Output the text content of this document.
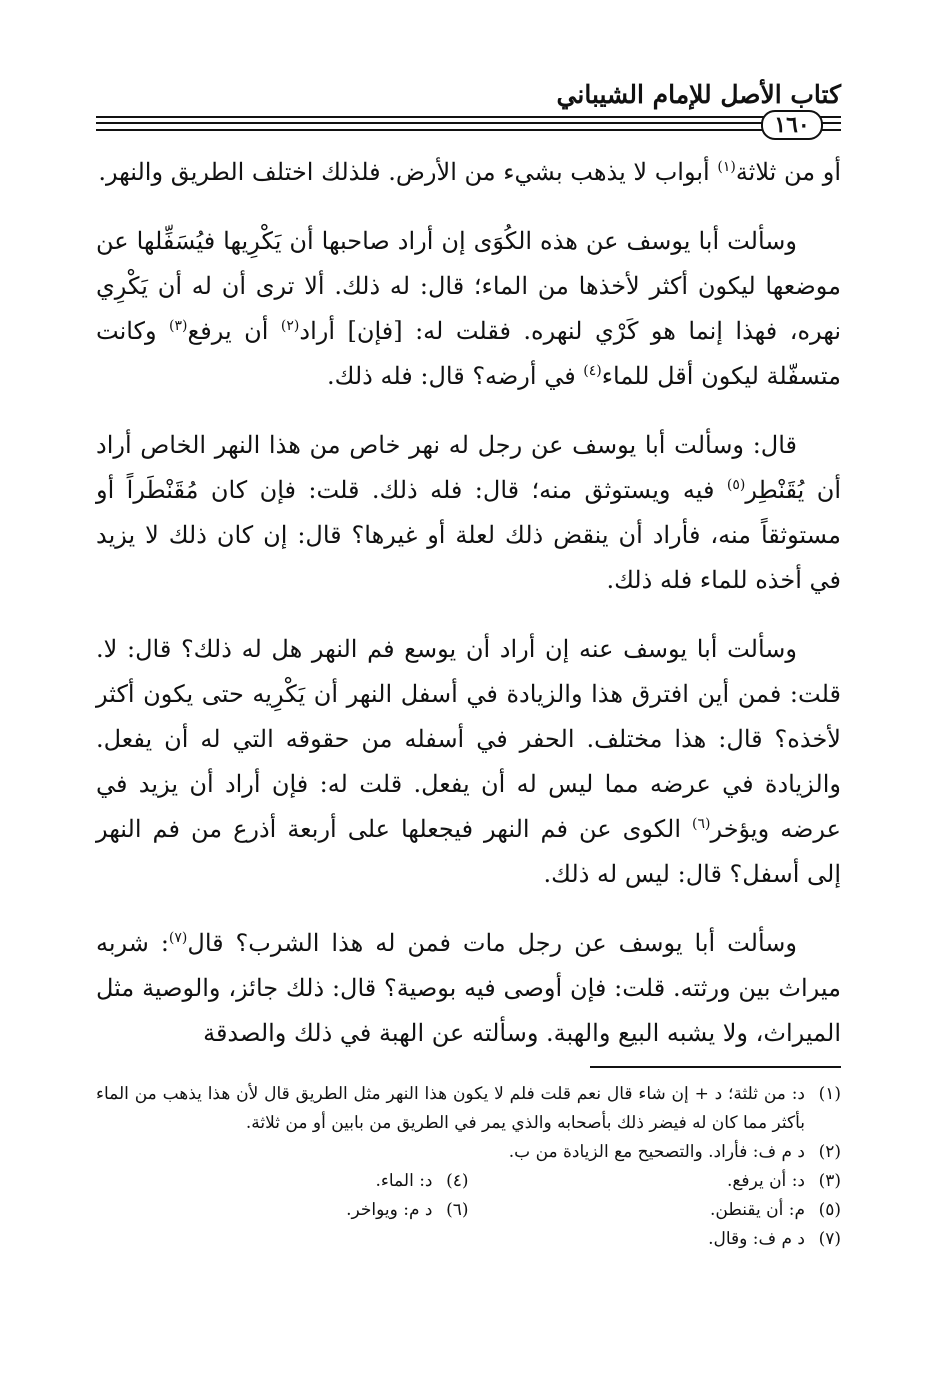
كتاب الأصل للإمام الشيباني
١٦٠

أو من ثلاثة$^{(١)}$ أبواب لا يذهب بشيء من الأرض. فلذلك اختلف الطريق والنهر.

وسألت أبا يوسف عن هذه الكُوَى إن أراد صاحبها أن يَكْرِيها فيُسَفِّلها عن موضعها ليكون أكثر لأخذها من الماء؛ قال: له ذلك. ألا ترى أن له أن يَكْرِي نهره، فهذا إنما هو كَرْي لنهره. فقلت له: [فإن] أراد$^{(٢)}$ أن يرفع$^{(٣)}$ وكانت متسفّلة ليكون أقل للماء$^{(٤)}$ في أرضه؟ قال: فله ذلك.

قال: وسألت أبا يوسف عن رجل له نهر خاص من هذا النهر الخاص أراد أن يُقَنْطِر$^{(٥)}$ فيه ويستوثق منه؛ قال: فله ذلك. قلت: فإن كان مُقَنْطَراً أو مستوثقاً منه، فأراد أن ينقض ذلك لعلة أو غيرها؟ قال: إن كان ذلك لا يزيد في أخذه للماء فله ذلك.

وسألت أبا يوسف عنه إن أراد أن يوسع فم النهر هل له ذلك؟ قال: لا. قلت: فمن أين افترق هذا والزيادة في أسفل النهر أن يَكْرِيه حتى يكون أكثر لأخذه؟ قال: هذا مختلف. الحفر في أسفله من حقوقه التي له أن يفعل. والزيادة في عرضه مما ليس له أن يفعل. قلت له: فإن أراد أن يزيد في عرضه ويؤخر$^{(٦)}$ الكوى عن فم النهر فيجعلها على أربعة أذرع من فم النهر إلى أسفل؟ قال: ليس له ذلك.

وسألت أبا يوسف عن رجل مات فمن له هذا الشرب؟ قال$^{(٧)}$: شربه ميراث بين ورثته. قلت: فإن أوصى فيه بوصية؟ قال: ذلك جائز، والوصية مثل الميراث، ولا يشبه البيع والهبة. وسألته عن الهبة في ذلك والصدقة

(١)
د: من ثلثة؛ د + إن شاء قال نعم قلت فلم لا يكون هذا النهر مثل الطريق قال لأن هذا يذهب من الماء بأكثر مما كان له فيضر ذلك بأصحابه والذي يمر في الطريق من بابين أو من ثلاثة.
(٢)
د م ف: فأراد. والتصحيح مع الزيادة من ب.
(٣)
د: أن يرفع.
(٤)
د: الماء.
(٥)
م: أن يقنطن.
(٦)
د م: ويواخر.
(٧)
د م ف: وقال.
